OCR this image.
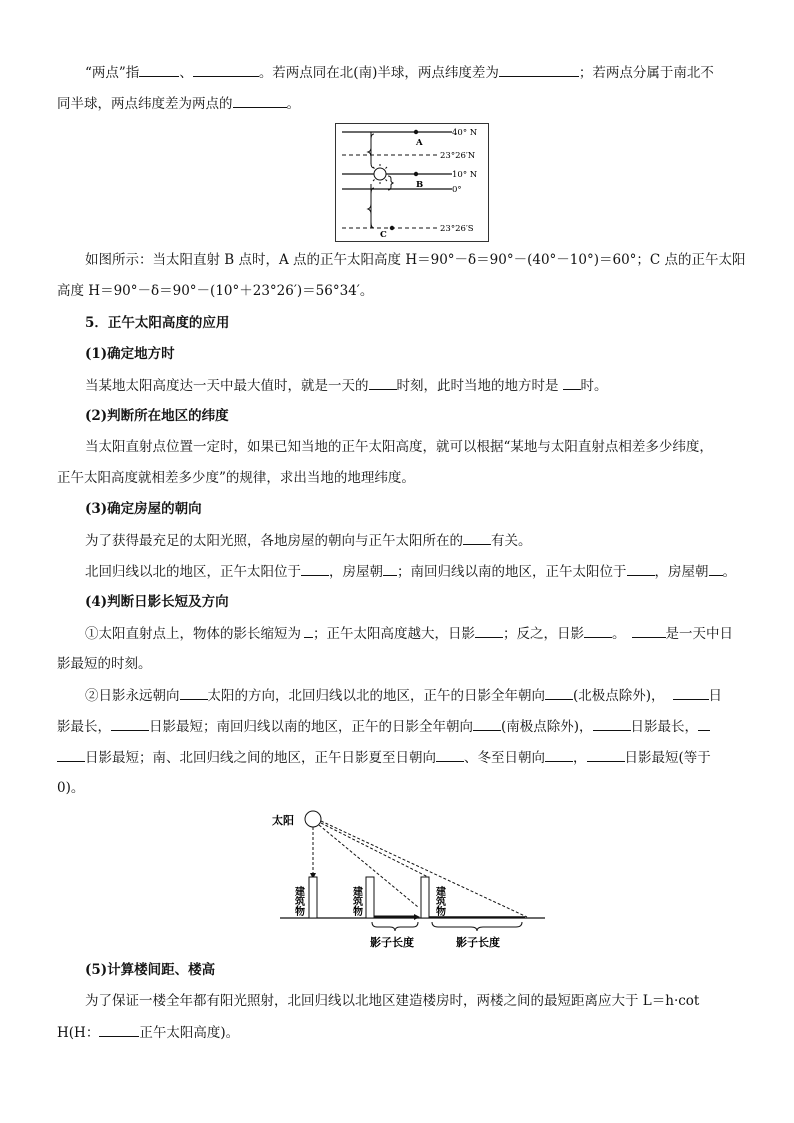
“两点”指	、	。若两点同在北(南)半球，两点纬度差为	；若两点分属于南北不
同半球，两点纬度差为两点的	。
40° N
23°26′N
10° N
0°
23°26′S
A
B
C
如图所示：当太阳直射 B 点时，A 点的正午太阳高度 H＝90°－δ＝90°－(40°－10°)＝60°；C 点的正午太阳
高度 H＝90°－δ＝90°－(10°＋23°26′)＝56°34′。
5．正午太阳高度的应用
(1)确定地方时
当某地太阳高度达一天中最大值时，就是一天的 时刻，此时当地的地方时是 时。
(2)判断所在地区的纬度
当太阳直射点位置一定时，如果已知当地的正午太阳高度，就可以根据“某地与太阳直射点相差多少纬度，
正午太阳高度就相差多少度”的规律，求出当地的地理纬度。
(3)确定房屋的朝向
为了获得最充足的太阳光照，各地房屋的朝向与正午太阳所在的 有关。
北回归线以北的地区，正午太阳位于 ，房屋朝 ；南回归线以南的地区，正午太阳位于 ，房屋朝 。
(4)判断日影长短及方向
①太阳直射点上，物体的影长缩短为 ；正午太阳高度越大，日影 ；反之，日影 。	是一天中日
影最短的时刻。
②日影永远朝向 太阳的方向，北回归线以北的地区，正午的日影全年朝向 (北极点除外)，	日
影最长，	日影最短；南回归线以南的地区，正午的日影全年朝向 (南极点除外)，	日影最长，
日影最短；南、北回归线之间的地区，正午日影夏至日朝向 、冬至日朝向 ，	日影最短(等于
0)。
太阳
建筑物	建筑物	建筑物
影子长度	影子长度
(5)计算楼间距、楼高
为了保证一楼全年都有阳光照射，北回归线以北地区建造楼房时，两楼之间的最短距离应大于 L＝h·cot
H(H：	正午太阳高度)。
